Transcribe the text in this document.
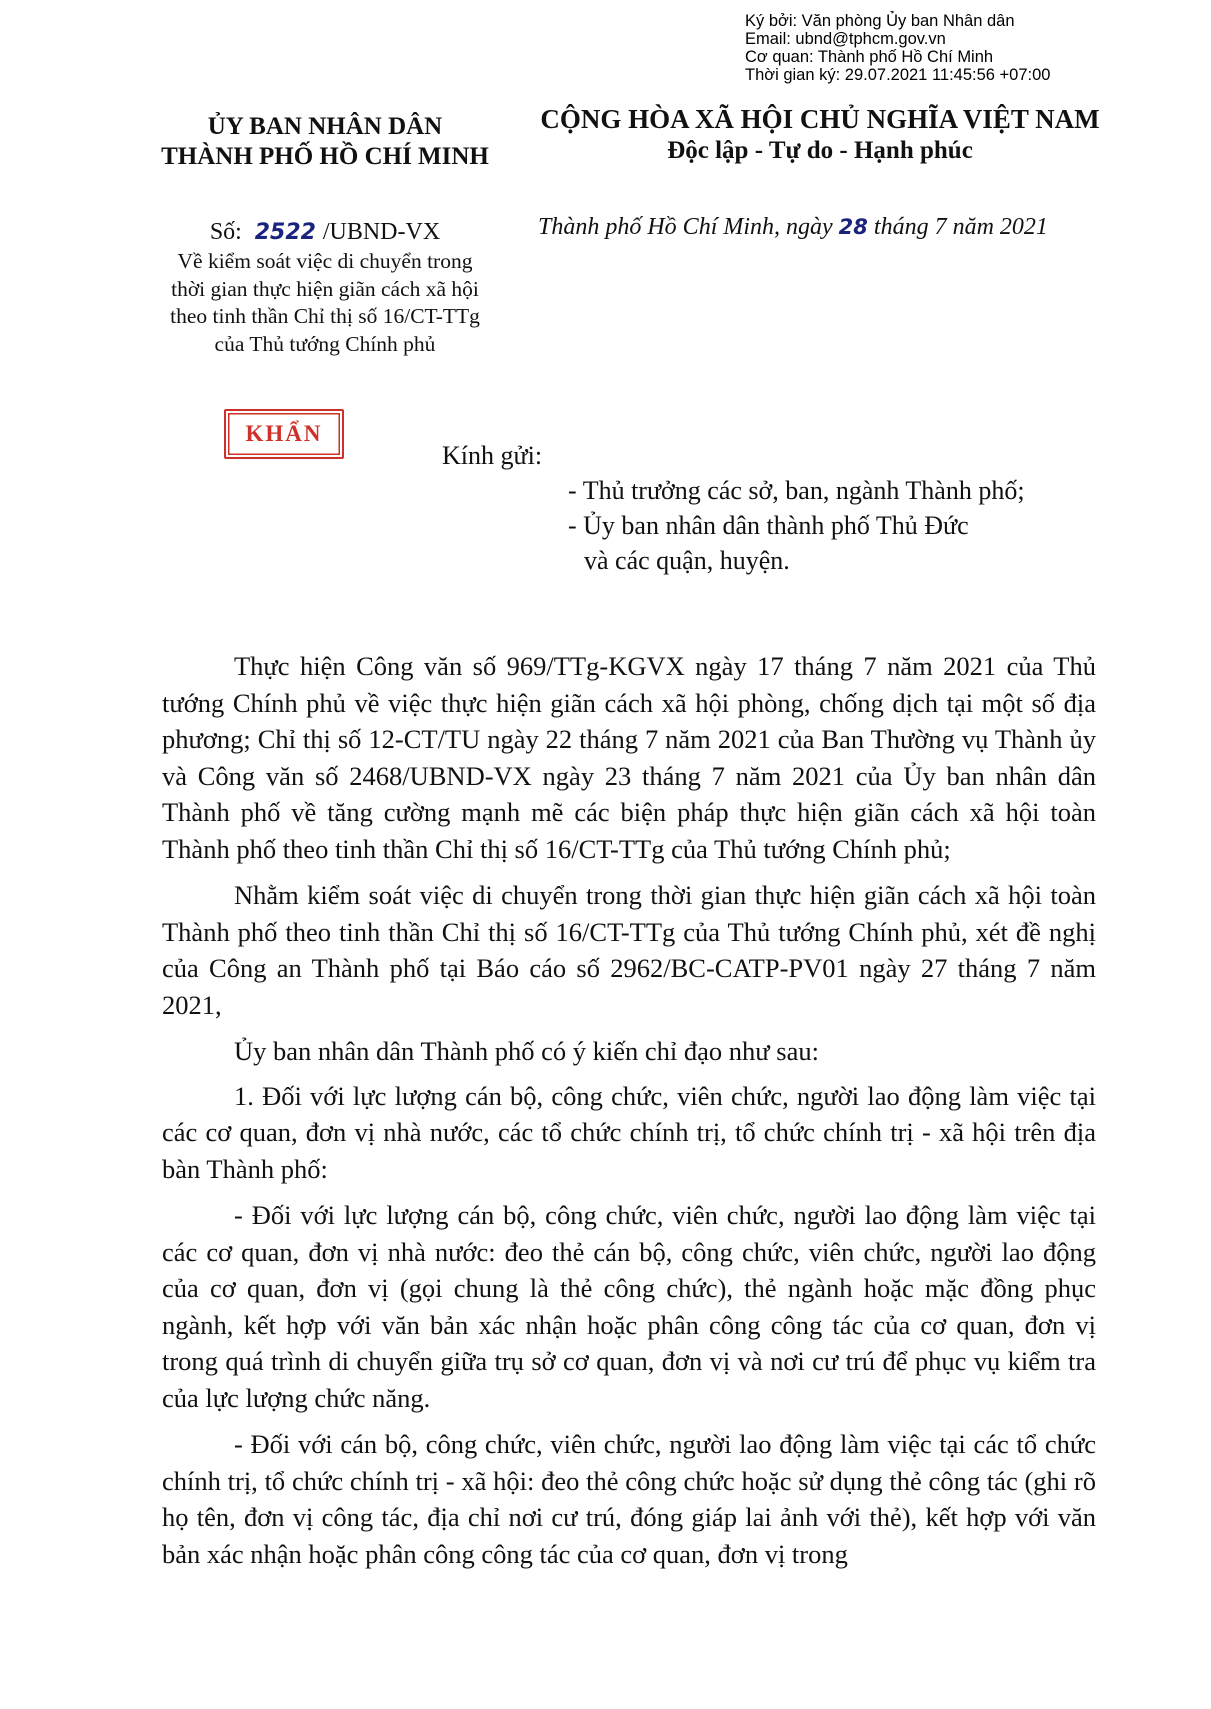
Ký bởi: Văn phòng Ủy ban Nhân dân
Email: ubnd@tphcm.gov.vn
Cơ quan: Thành phố Hồ Chí Minh
Thời gian ký: 29.07.2021 11:45:56 +07:00
ỦY BAN NHÂN DÂN
THÀNH PHỐ HỒ CHÍ MINH
CỘNG HÒA XÃ HỘI CHỦ NGHĨA VIỆT NAM
Độc lập - Tự do - Hạnh phúc
Số: 2522 /UBND-VX
Về kiểm soát việc di chuyển trong
thời gian thực hiện giãn cách xã hội
theo tinh thần Chỉ thị số 16/CT-TTg
của Thủ tướng Chính phủ
Thành phố Hồ Chí Minh, ngày 28 tháng 7 năm 2021
KHẨN
Kính gửi:
- Thủ trưởng các sở, ban, ngành Thành phố;
- Ủy ban nhân dân thành phố Thủ Đức
và các quận, huyện.

Thực hiện Công văn số 969/TTg-KGVX ngày 17 tháng 7 năm 2021 của Thủ tướng Chính phủ về việc thực hiện giãn cách xã hội phòng, chống dịch tại một số địa phương; Chỉ thị số 12-CT/TU ngày 22 tháng 7 năm 2021 của Ban Thường vụ Thành ủy và Công văn số 2468/UBND-VX ngày 23 tháng 7 năm 2021 của Ủy ban nhân dân Thành phố về tăng cường mạnh mẽ các biện pháp thực hiện giãn cách xã hội toàn Thành phố theo tinh thần Chỉ thị số 16/CT-TTg của Thủ tướng Chính phủ;

Nhằm kiểm soát việc di chuyển trong thời gian thực hiện giãn cách xã hội toàn Thành phố theo tinh thần Chỉ thị số 16/CT-TTg của Thủ tướng Chính phủ, xét đề nghị của Công an Thành phố tại Báo cáo số 2962/BC-CATP-PV01 ngày 27 tháng 7 năm 2021,

Ủy ban nhân dân Thành phố có ý kiến chỉ đạo như sau:

1. Đối với lực lượng cán bộ, công chức, viên chức, người lao động làm việc tại các cơ quan, đơn vị nhà nước, các tổ chức chính trị, tổ chức chính trị - xã hội trên địa bàn Thành phố:

- Đối với lực lượng cán bộ, công chức, viên chức, người lao động làm việc tại các cơ quan, đơn vị nhà nước: đeo thẻ cán bộ, công chức, viên chức, người lao động của cơ quan, đơn vị (gọi chung là thẻ công chức), thẻ ngành hoặc mặc đồng phục ngành, kết hợp với văn bản xác nhận hoặc phân công công tác của cơ quan, đơn vị trong quá trình di chuyển giữa trụ sở cơ quan, đơn vị và nơi cư trú để phục vụ kiểm tra của lực lượng chức năng.

- Đối với cán bộ, công chức, viên chức, người lao động làm việc tại các tổ chức chính trị, tổ chức chính trị - xã hội: đeo thẻ công chức hoặc sử dụng thẻ công tác (ghi rõ họ tên, đơn vị công tác, địa chỉ nơi cư trú, đóng giáp lai ảnh với thẻ), kết hợp với văn bản xác nhận hoặc phân công công tác của cơ quan, đơn vị trong
